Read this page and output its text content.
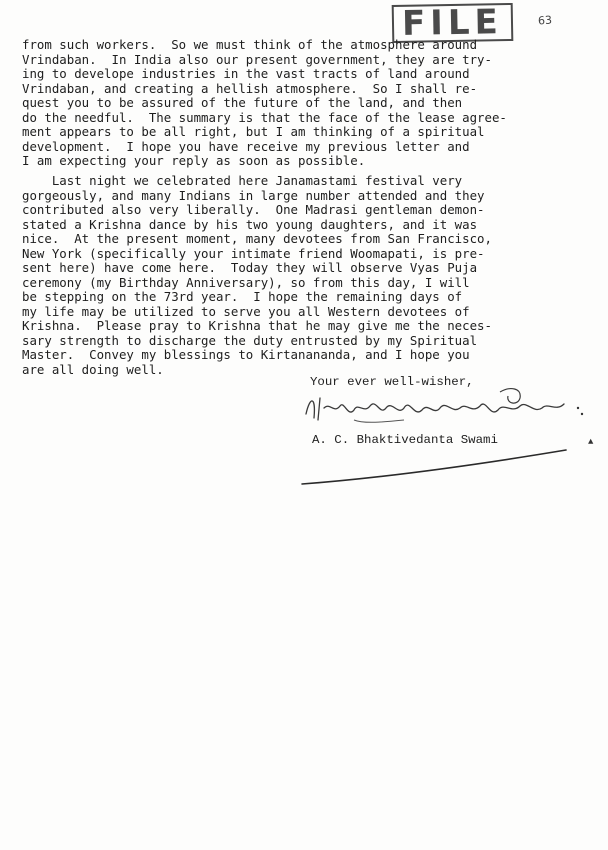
FILE	63
from such workers.  So we must think of the atmosphere around
Vrindaban.  In India also our present government, they are try-
ing to develope industries in the vast tracts of land around
Vrindaban, and creating a hellish atmosphere.  So I shall re-
quest you to be assured of the future of the land, and then
do the needful.  The summary is that the face of the lease agree-
ment appears to be all right, but I am thinking of a spiritual
development.  I hope you have receive my previous letter and
I am expecting your reply as soon as possible.
Last night we celebrated here Janamastami festival very
gorgeously, and many Indians in large number attended and they
contributed also very liberally.  One Madrasi gentleman demon-
stated a Krishna dance by his two young daughters, and it was
nice.  At the present moment, many devotees from San Francisco,
New York (specifically your intimate friend Woomapati, is pre-
sent here) have come here.  Today they will observe Vyas Puja
ceremony (my Birthday Anniversary), so from this day, I will
be stepping on the 73rd year.  I hope the remaining days of
my life may be utilized to serve you all Western devotees of
Krishna.  Please pray to Krishna that he may give me the neces-
sary strength to discharge the duty entrusted by my Spiritual
Master.  Convey my blessings to Kirtanananda, and I hope you
are all doing well.
Your ever well-wisher,
A. C. Bhaktivedanta Swami	▲
